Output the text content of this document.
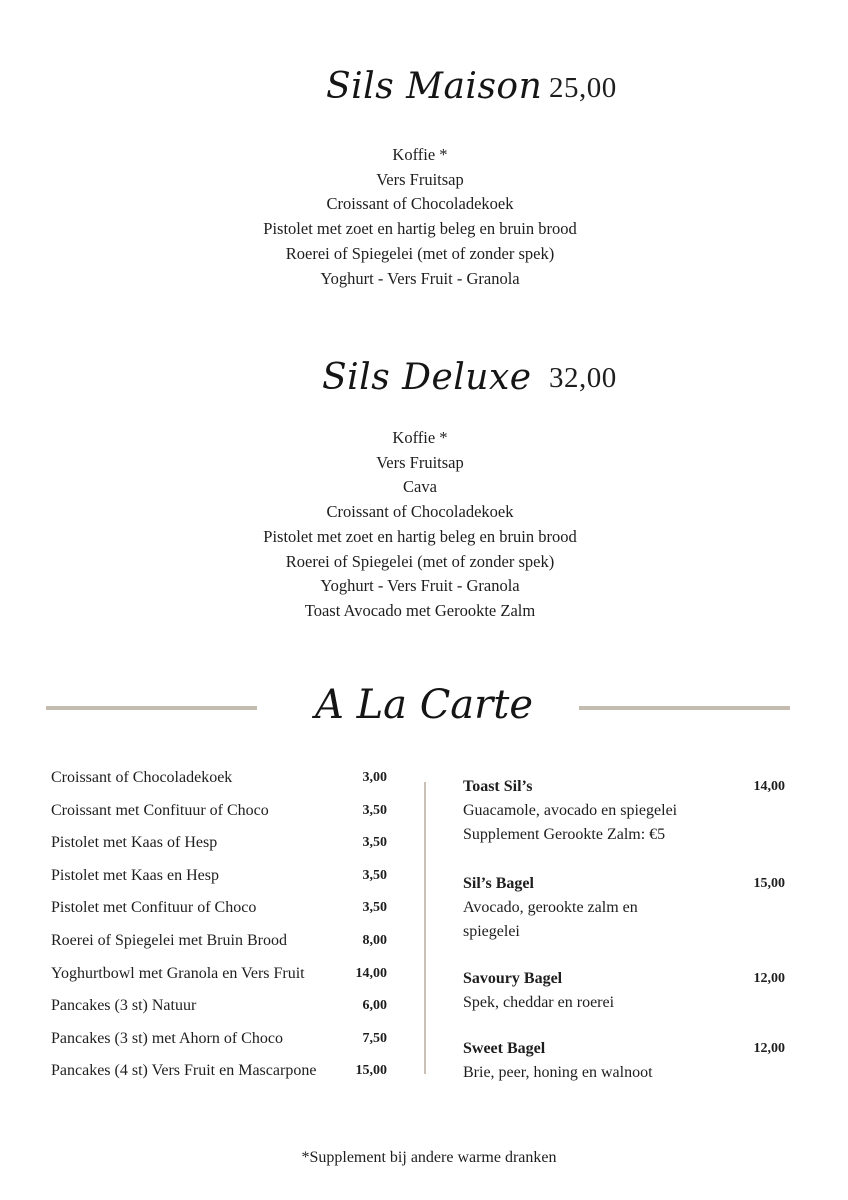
Sils Maison 25,00
Koffie *
Vers Fruitsap
Croissant of Chocoladekoek
Pistolet met zoet en hartig beleg en bruin brood
Roerei of Spiegelei (met of zonder spek)
Yoghurt - Vers Fruit - Granola
Sils Deluxe 32,00
Koffie *
Vers Fruitsap
Cava
Croissant of Chocoladekoek
Pistolet met zoet en hartig beleg en bruin brood
Roerei of Spiegelei (met of zonder spek)
Yoghurt - Vers Fruit - Granola
Toast Avocado met Gerookte Zalm
A La Carte
Croissant of Chocoladekoek	3,00
Croissant met Confituur of Choco	3,50
Pistolet met Kaas of Hesp	3,50
Pistolet met Kaas en Hesp	3,50
Pistolet met Confituur of Choco	3,50
Roerei of Spiegelei met Bruin Brood	8,00
Yoghurtbowl met Granola en Vers Fruit	14,00
Pancakes (3 st) Natuur	6,00
Pancakes (3 st) met Ahorn of Choco	7,50
Pancakes (4 st) Vers Fruit en Mascarpone	15,00
Toast Sil’s	14,00

Guacamole, avocado en spiegelei
Supplement Gerookte Zalm: €5

Sil’s Bagel	15,00

Avocado, gerookte zalm en
spiegelei

Savoury Bagel	12,00

Spek, cheddar en roerei

Sweet Bagel	12,00

Brie, peer, honing en walnoot

*Supplement bij andere warme dranken
